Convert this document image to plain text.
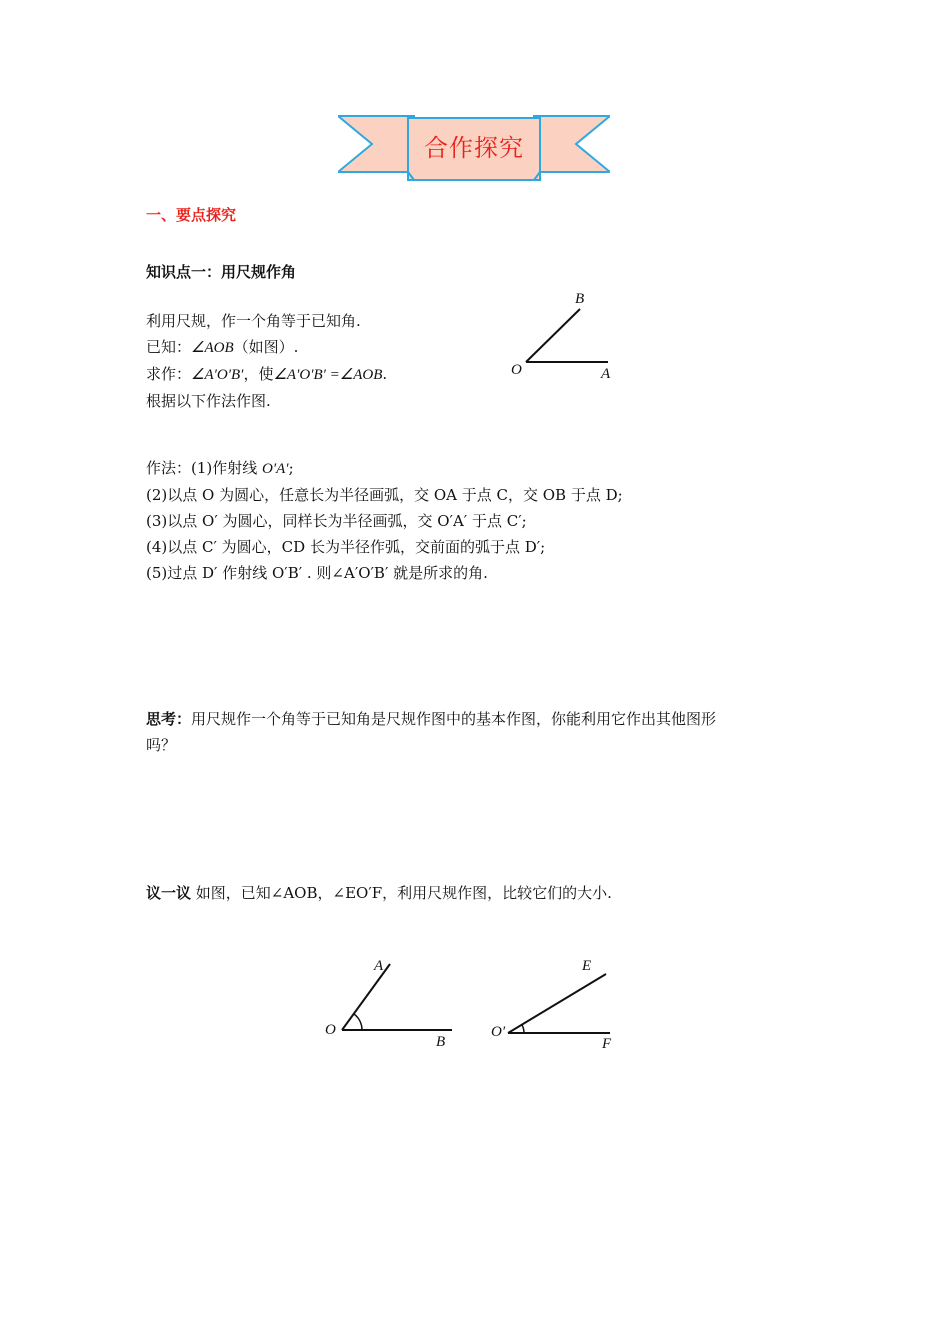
合作探究
一、要点探究
知识点一：用尺规作角
利用尺规，作一个角等于已知角.
已知：∠AOB（如图）.
求作：∠A′O′B′，使∠A′O′B′ =∠AOB.
根据以下作法作图.
B
O	A
作法：(1)作射线 O′A′;
(2)以点 O 为圆心，任意长为半径画弧，交 OA 于点 C，交 OB 于点 D;
(3)以点 O′ 为圆心，同样长为半径画弧，交 O′A′ 于点 C′;
(4)以点 C′ 为圆心，CD 长为半径作弧，交前面的弧于点 D′;
(5)过点 D′ 作射线 O′B′ . 则∠A′O′B′ 就是所求的角.
思考：用尺规作一个角等于已知角是尺规作图中的基本作图，你能利用它作出其他图形
吗？
议一议 如图，已知∠AOB，∠EO′F，利用尺规作图，比较它们的大小.
A
O
B
E
O′
F
